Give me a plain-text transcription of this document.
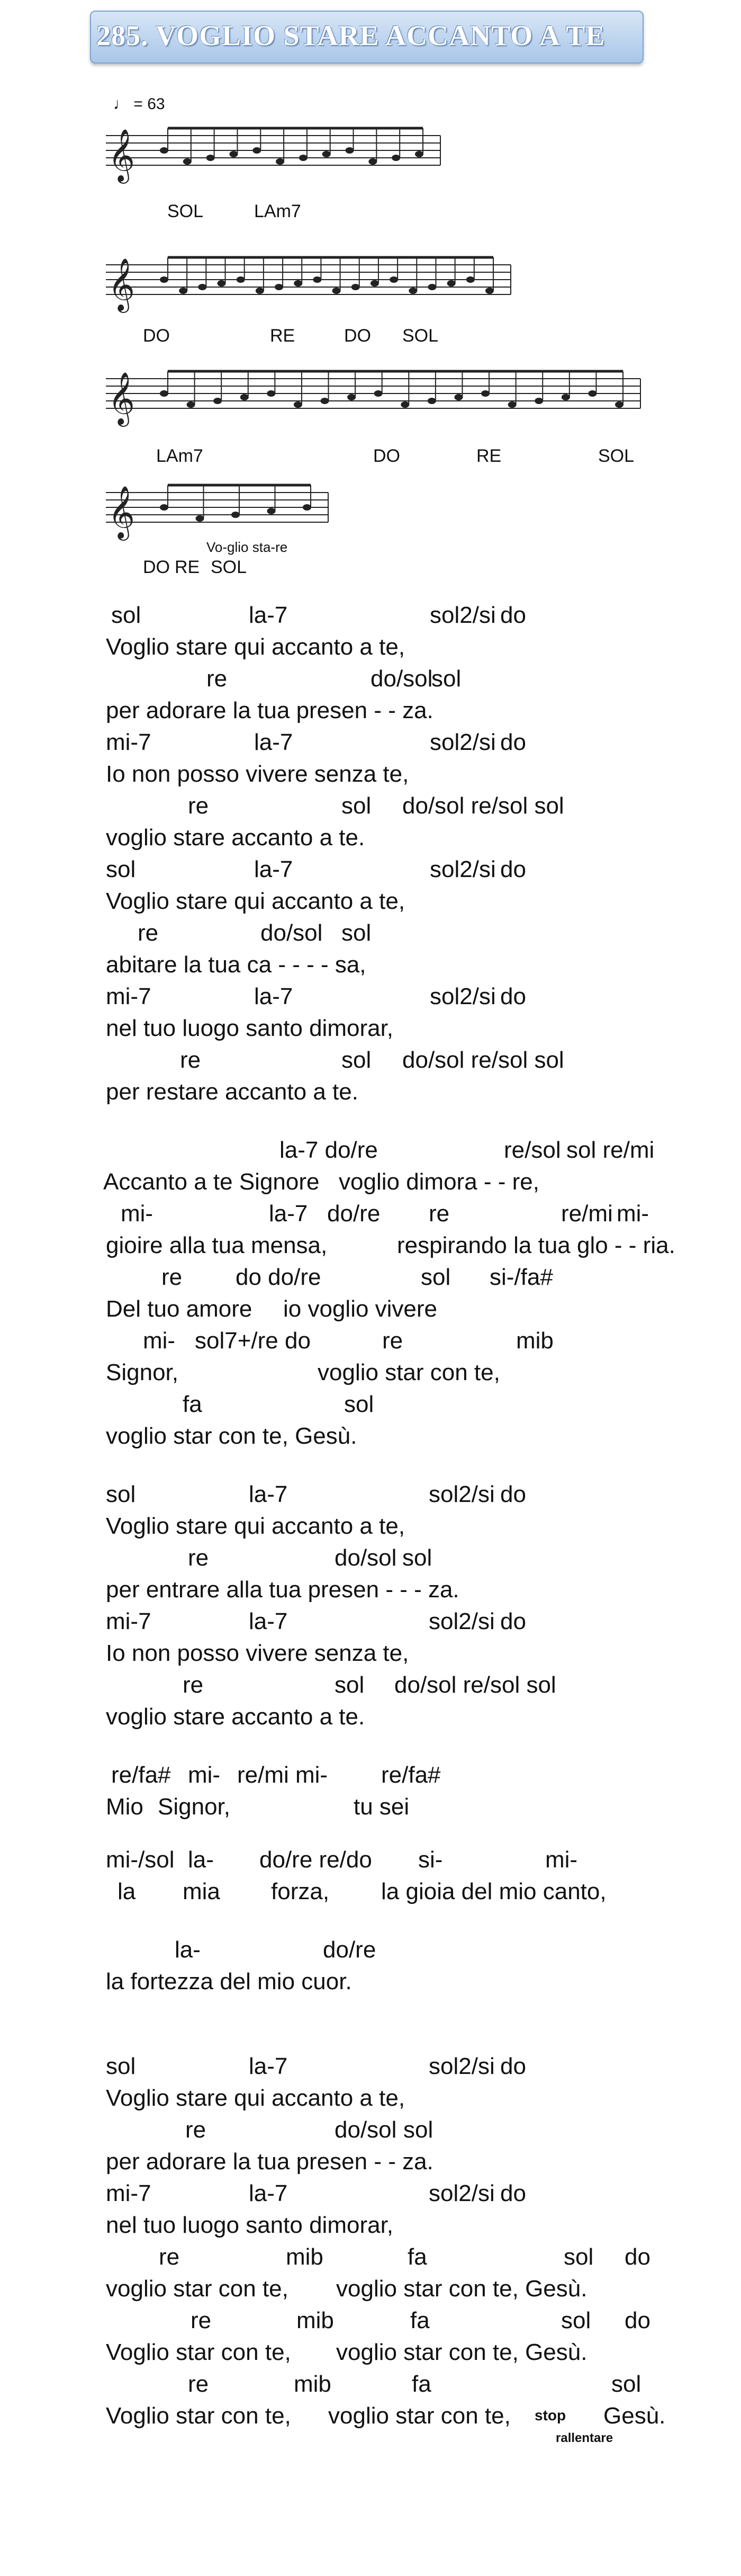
285. VOGLIO STARE ACCANTO A TE
♩ = 63
𝄞
𝄞
𝄞
𝄞
SOL	LAm7
DO	RE	DO SOL
LAm7	DO	RE	SOL
DO RE SOL
Vo-glio sta-re
sol	la-7	sol2/si do
Voglio stare qui accanto a te,
re	do/sol
sol
per adorare la tua presen - - za.
mi-7	la-7	sol2/si do
Io non posso vivere senza te,
re	sol do/sol re/sol sol
voglio stare accanto a te.
sol	la-7	sol2/si do
Voglio stare qui accanto a te,
re	do/sol sol
abitare la tua ca - - - - sa,
mi-7	la-7	sol2/si do
nel tuo luogo santo dimorar,
re	sol do/sol re/sol sol
per restare accanto a te.
la-7 do/re	re/sol sol re/mi
Accanto a te Signore voglio dimora - - re,
mi-	la-7 do/re re	re/mi mi-
gioire alla tua mensa,	respirando la tua glo - - ria.
re do do/re	sol si-/fa#
Del tuo amore io voglio vivere
mi- sol7+/re do	re	mib
Signor,	voglio star con te,
fa	sol
voglio star con te, Gesù.
sol	la-7	sol2/si do
Voglio stare qui accanto a te,
re	do/sol sol
per entrare alla tua presen - - - za.
mi-7	la-7	sol2/si do
Io non posso vivere senza te,
re	sol do/sol re/sol sol
voglio stare accanto a te.
re/fa# mi- re/mi mi- re/fa#
Mio Signor,	tu sei
mi-/sol la- do/re re/do si-	mi-
la mia forza, la gioia del mio canto,
la-	do/re
la fortezza del mio cuor.
sol	la-7	sol2/si do
Voglio stare qui accanto a te,
re	do/sol sol
per adorare la tua presen - - za.
mi-7	la-7	sol2/si do
nel tuo luogo santo dimorar,
re	mib	fa	sol do
voglio star con te, voglio star con te, Gesù.
re	mib	fa	sol do
Voglio star con te, voglio star con te, Gesù.
re	mib	fa	sol
Voglio star con te, voglio star con te,	Gesù.
stop
rallentare
